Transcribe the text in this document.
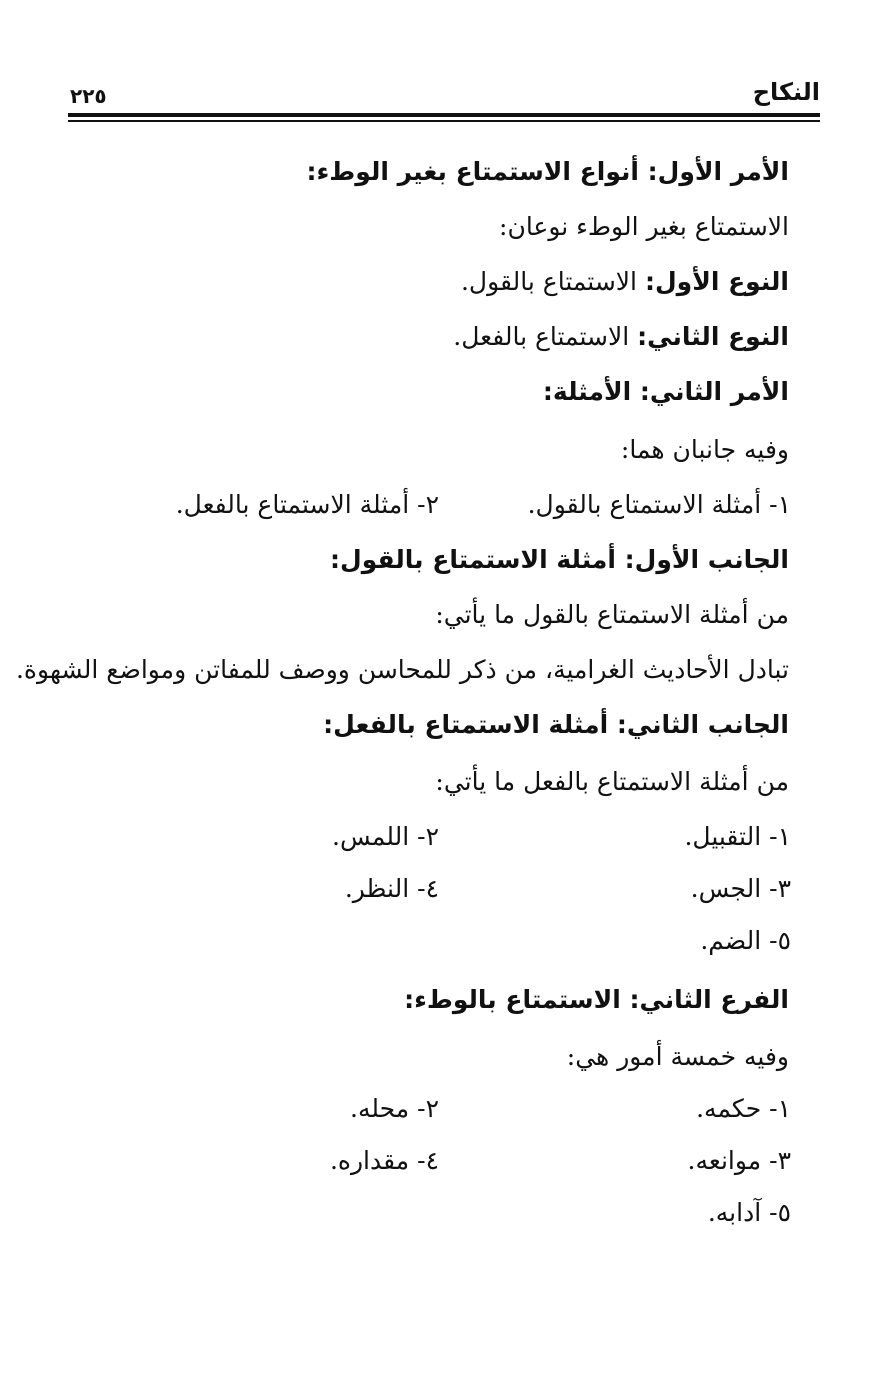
النكاح
٢٢٥
الأمر الأول: أنواع الاستمتاع بغير الوطء:
الاستمتاع بغير الوطء نوعان:
النوع الأول: الاستمتاع بالقول.
النوع الثاني: الاستمتاع بالفعل.
الأمر الثاني: الأمثلة:
وفيه جانبان هما:
١- أمثلة الاستمتاع بالقول.
٢- أمثلة الاستمتاع بالفعل.
الجانب الأول: أمثلة الاستمتاع بالقول:
من أمثلة الاستمتاع بالقول ما يأتي:
تبادل الأحاديث الغرامية، من ذكر للمحاسن ووصف للمفاتن ومواضع الشهوة.
الجانب الثاني: أمثلة الاستمتاع بالفعل:
من أمثلة الاستمتاع بالفعل ما يأتي:
١- التقبيل.
٢- اللمس.
٣- الجس.
٤- النظر.
٥- الضم.
الفرع الثاني: الاستمتاع بالوطء:
وفيه خمسة أمور هي:
١- حكمه.
٢- محله.
٣- موانعه.
٤- مقداره.
٥- آدابه.
